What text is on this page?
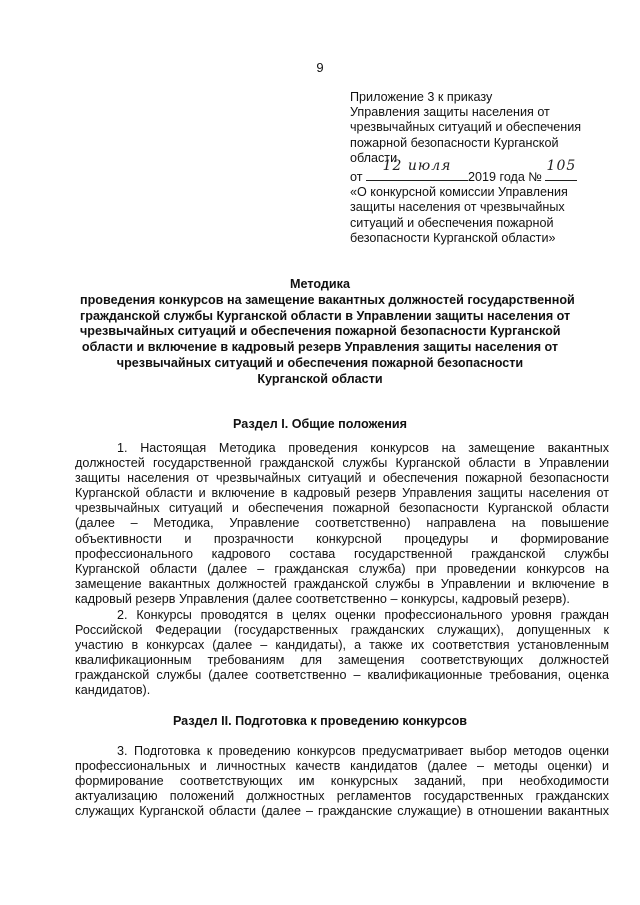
9
Приложение 3 к приказу
Управления защиты населения от
чрезвычайных ситуаций и обеспечения
пожарной безопасности Курганской
области
от
12 июля
2019 года №
105
«О конкурсной комиссии Управления
защиты населения от чрезвычайных
ситуаций и обеспечения пожарной
безопасности Курганской области»
Методика
проведения конкурсов на замещение вакантных должностей государственной
гражданской службы Курганской области в Управлении защиты населения от
чрезвычайных ситуаций и обеспечения пожарной безопасности Курганской
области и включение в кадровый резерв Управления защиты населения от
чрезвычайных ситуаций и обеспечения пожарной безопасности
Курганской области
Раздел I. Общие положения
1. Настоящая Методика проведения конкурсов на замещение вакантных
должностей государственной гражданской службы Курганской области в Управлении
защиты населения от чрезвычайных ситуаций и обеспечения пожарной безопасности
Курганской области и включение в кадровый резерв Управления защиты населения от
чрезвычайных ситуаций и обеспечения пожарной безопасности Курганской области
(далее – Методика, Управление соответственно) направлена на повышение
объективности и прозрачности конкурсной процедуры и формирование
профессионального кадрового состава государственной гражданской службы
Курганской области (далее – гражданская служба) при проведении конкурсов на
замещение вакантных должностей гражданской службы в Управлении и включение в
кадровый резерв Управления (далее соответственно – конкурсы, кадровый резерв).
2. Конкурсы проводятся в целях оценки профессионального уровня граждан
Российской Федерации (государственных гражданских служащих), допущенных к
участию в конкурсах (далее – кандидаты), а также их соответствия установленным
квалификационным требованиям для замещения соответствующих должностей
гражданской службы (далее соответственно – квалификационные требования, оценка
кандидатов).
Раздел II. Подготовка к проведению конкурсов
3. Подготовка к проведению конкурсов предусматривает выбор методов оценки
профессиональных и личностных качеств кандидатов (далее – методы оценки) и
формирование соответствующих им конкурсных заданий, при необходимости
актуализацию положений должностных регламентов государственных гражданских
служащих Курганской области (далее – гражданские служащие) в отношении вакантных
